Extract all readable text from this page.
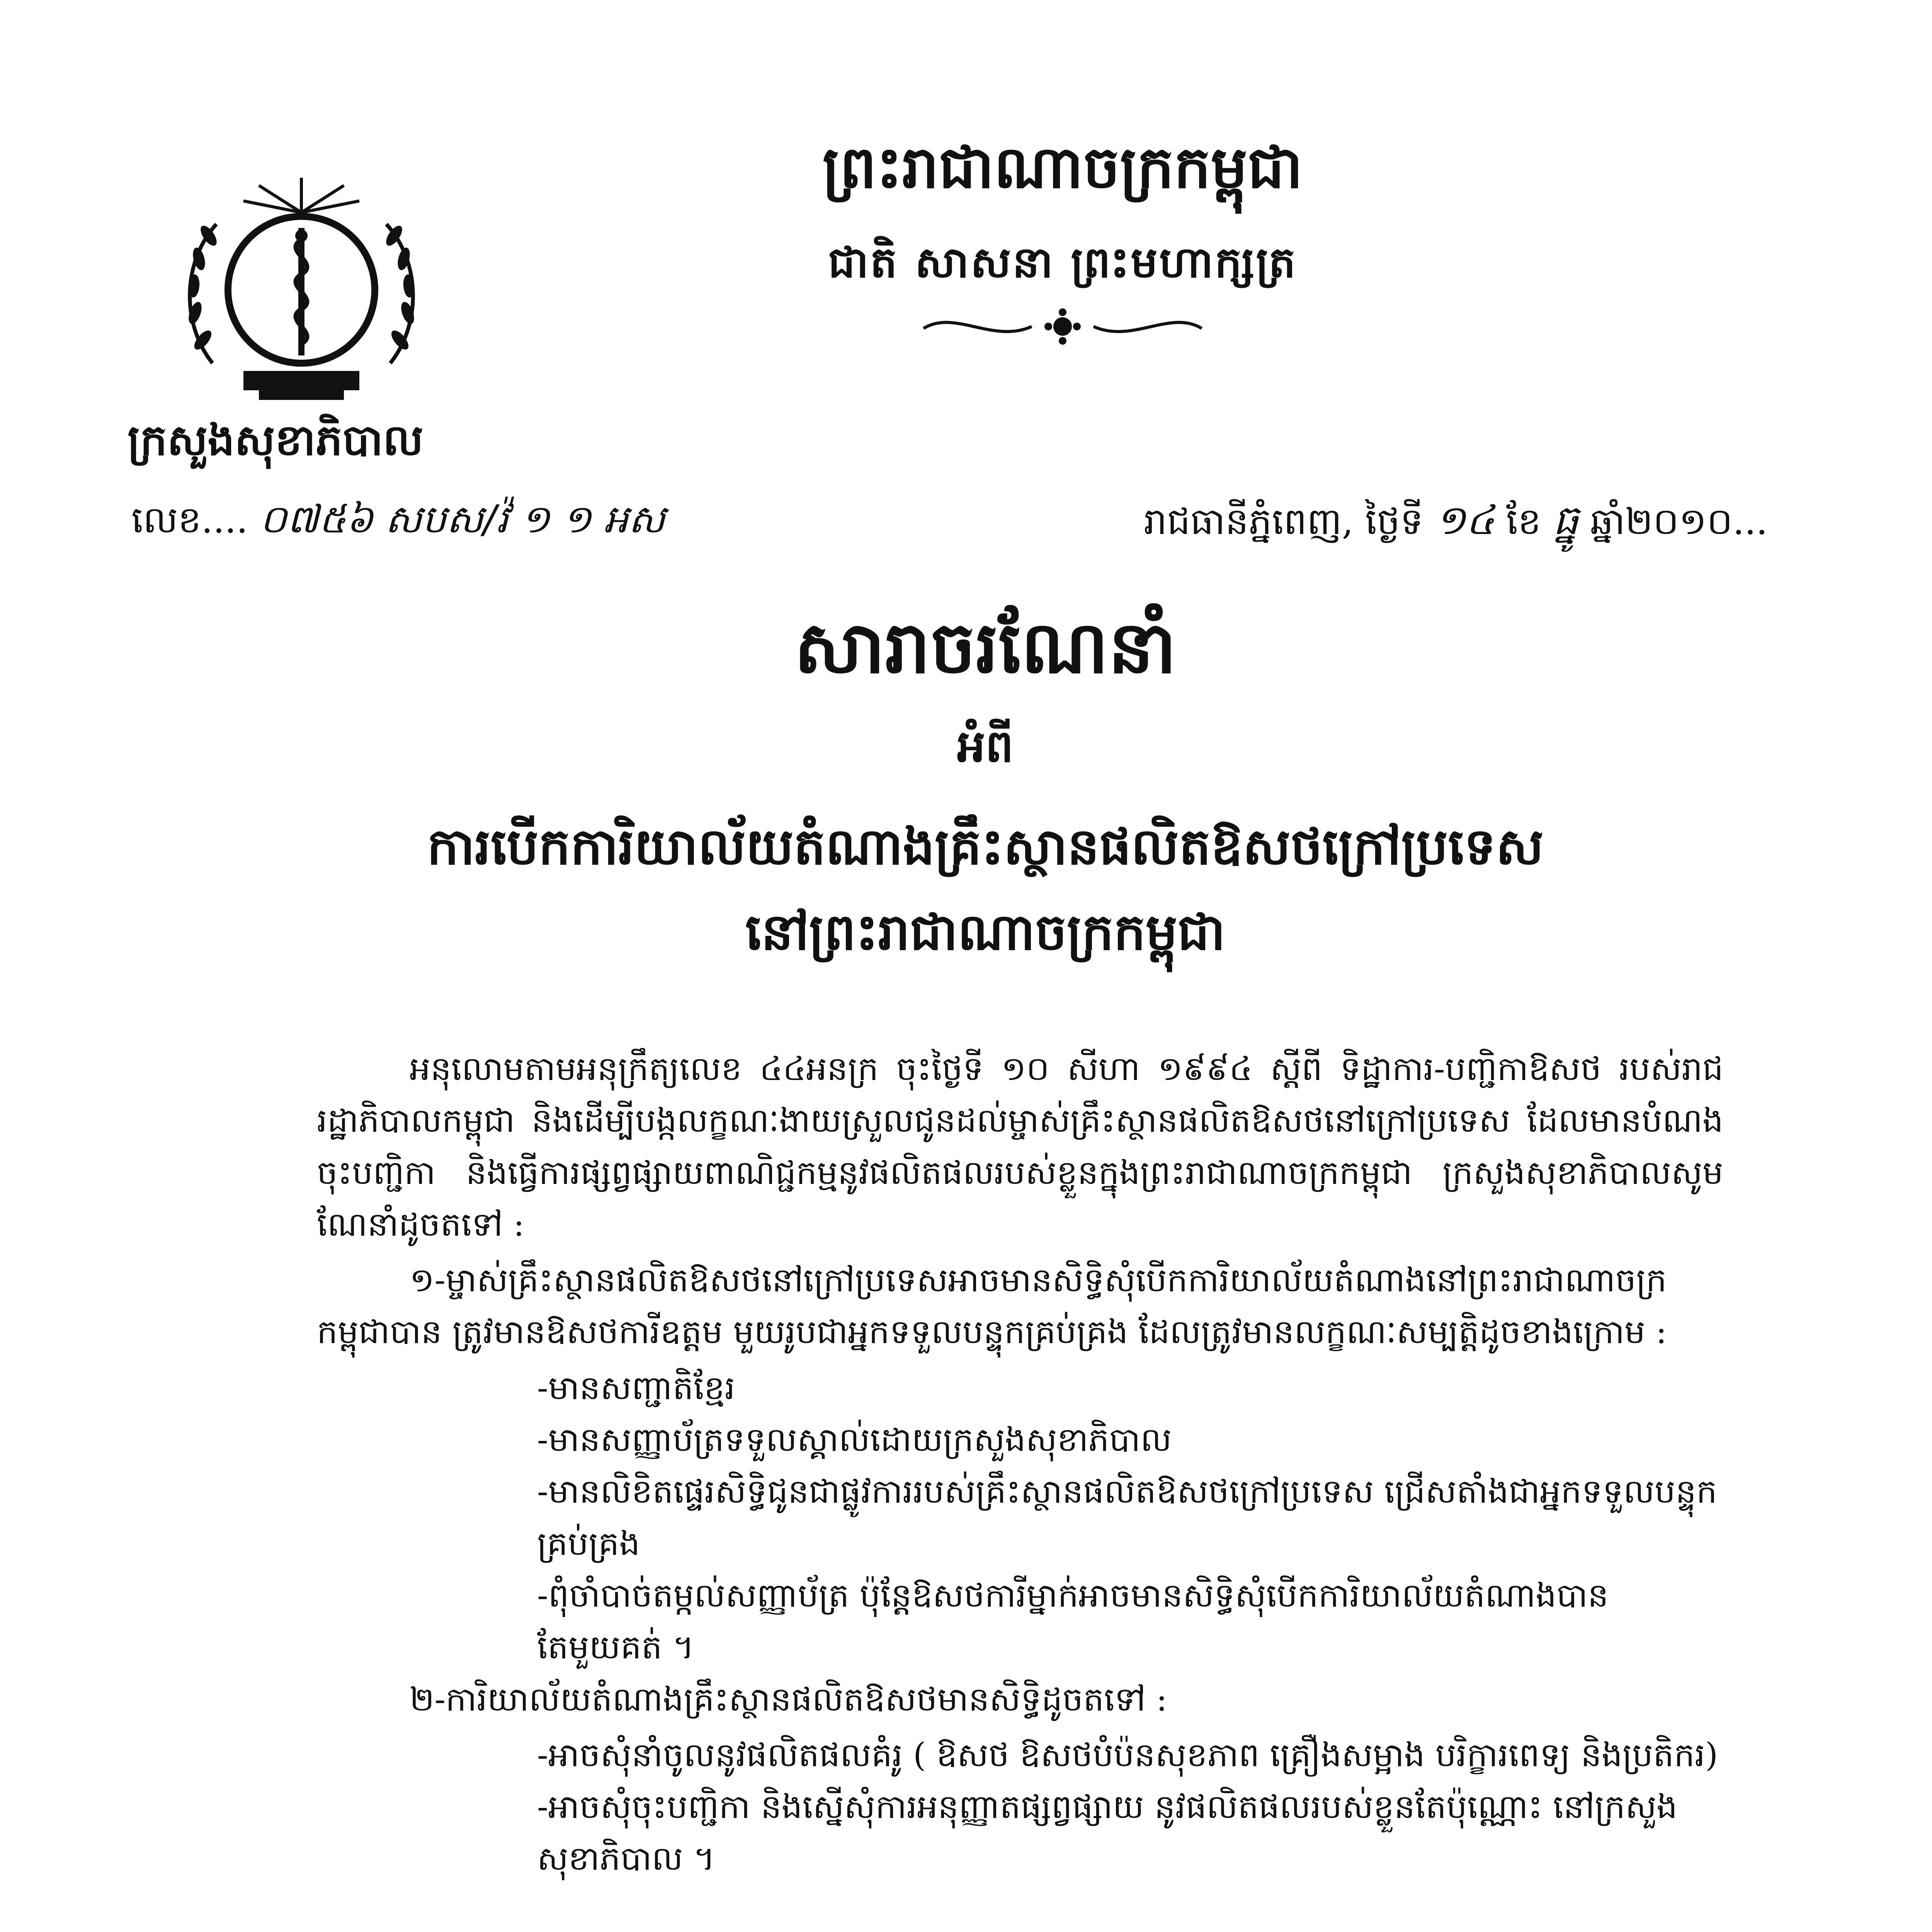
ព្រះរាជាណាចក្រកម្ពុជា
ជាតិ សាសនា ព្រះមហាក្សត្រ
ក្រសួងសុខាភិបាល
លេខ.... ០៧៥៦ សបស/វ៉ ១ ១ អស	រាជធានីភ្នំពេញ, ថ្ងៃទី ១៤ ខែ ធ្នូ ឆ្នាំ២០១០...
សារាចរណែនាំ
អំពី
ការបើកការិយាល័យតំណាងគ្រឹះស្ថានផលិតឱសថក្រៅប្រទេស
នៅព្រះរាជាណាចក្រកម្ពុជា

អនុលោមតាមអនុក្រឹត្យលេខ ៤៤អនក្រ ចុះថ្ងៃទី ១០ សីហា ១៩៩៤ ស្តីពី ទិដ្ឋាការ-បញ្ជិកាឱសថ របស់រាជរដ្ឋាភិបាលកម្ពុជា និងដើម្បីបង្កលក្ខណៈងាយស្រួលជូនដល់ម្ចាស់គ្រឹះស្ថានផលិតឱសថនៅក្រៅប្រទេស ដែលមានបំណងចុះបញ្ជិកា និងធ្វើការផ្សព្វផ្សាយពាណិជ្ជកម្មនូវផលិតផលរបស់ខ្លួនក្នុងព្រះរាជាណាចក្រកម្ពុជា ក្រសួងសុខាភិបាលសូមណែនាំដូចតទៅ :

១-ម្ចាស់គ្រឹះស្ថានផលិតឱសថនៅក្រៅប្រទេសអាចមានសិទ្ធិសុំបើកការិយាល័យតំណាងនៅព្រះរាជាណាចក្រកម្ពុជាបាន ត្រូវមានឱសថការីឧត្តម មួយរូបជាអ្នកទទួលបន្ទុកគ្រប់គ្រង ដែលត្រូវមានលក្ខណៈសម្បត្តិដូចខាងក្រោម :

-មានសញ្ជាតិខ្មែរ
-មានសញ្ញាប័ត្រទទួលស្គាល់ដោយក្រសួងសុខាភិបាល
-មានលិខិតផ្ទេរសិទ្ធិជូនជាផ្លូវការរបស់គ្រឹះស្ថានផលិតឱសថក្រៅប្រទេស ជ្រើសតាំងជាអ្នកទទួលបន្ទុកគ្រប់គ្រង
-ពុំចាំបាច់តម្កល់សញ្ញាប័ត្រ ប៉ុន្តែឱសថការីម្នាក់អាចមានសិទ្ធិសុំបើកការិយាល័យតំណាងបានតែមួយគត់ ។

២-ការិយាល័យតំណាងគ្រឹះស្ថានផលិតឱសថមានសិទ្ធិដូចតទៅ :

-អាចសុំនាំចូលនូវផលិតផលគំរូ ( ឱសថ ឱសថបំប៉នសុខភាព គ្រឿងសម្អាង បរិក្ខារពេទ្យ និងប្រតិករ)
-អាចសុំចុះបញ្ជិកា និងស្នើសុំការអនុញ្ញាតផ្សព្វផ្សាយ នូវផលិតផលរបស់ខ្លួនតែប៉ុណ្ណោះ នៅក្រសួងសុខាភិបាល ។
